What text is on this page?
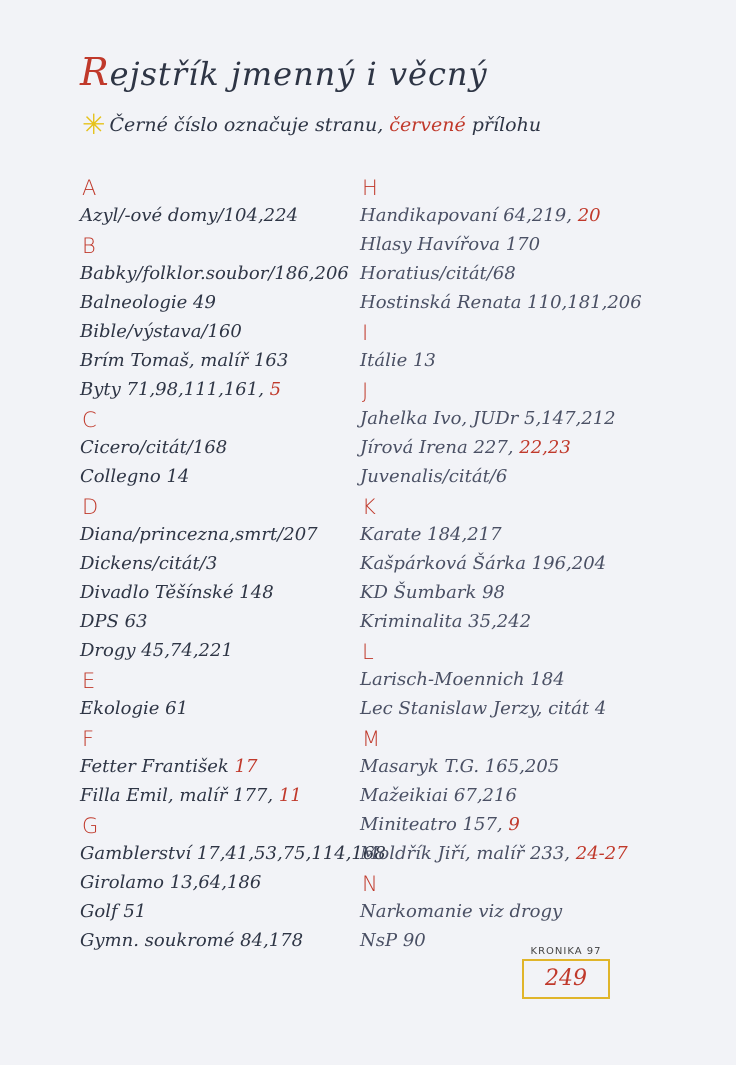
Rejstřík jmenný i věcný
✳ Černé číslo označuje stranu, červené přílohu
A
Azyl/-ové domy/104,224
B
Babky/folklor.soubor/186,206
Balneologie 49
Bible/výstava/160
Brím Tomaš, malíř 163
Byty 71,98,111,161, 5
C
Cicero/citát/168
Collegno 14
D
Diana/princezna,smrt/207
Dickens/citát/3
Divadlo Těšínské 148
DPS 63
Drogy 45,74,221
E
Ekologie 61
F
Fetter František 17
Filla Emil, malíř 177, 11
G
Gamblerství 17,41,53,75,114,168
Girolamo 13,64,186
Golf 51
Gymn. soukromé 84,178
H
Handikapovaní 64,219, 20
Hlasy Havířova 170
Horatius/citát/68
Hostinská Renata 110,181,206
I
Itálie 13
J
Jahelka Ivo, JUDr 5,147,212
Jírová Irena 227, 22,23
Juvenalis/citát/6
K
Karate 184,217
Kašpárková Šárka 196,204
KD Šumbark 98
Kriminalita 35,242
L
Larisch-Moennich 184
Lec Stanislaw Jerzy, citát 4
M
Masaryk T.G. 165,205
Mažeikiai 67,216
Miniteatro 157, 9
Moldřík Jiří, malíř 233, 24-27
N
Narkomanie viz drogy
NsP 90
KRONIKA 97
249
